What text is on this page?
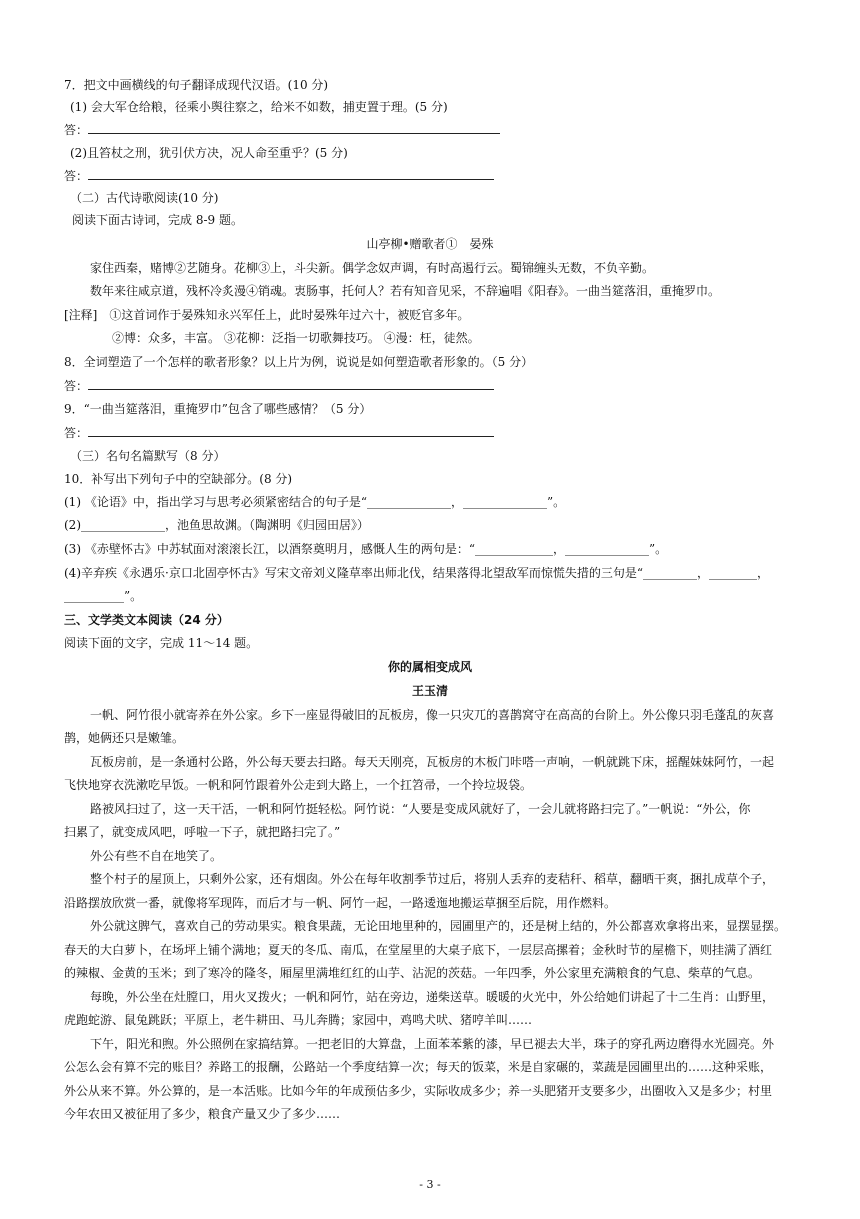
7．把文中画横线的句子翻译成现代汉语。(10 分)
(1) 会大军仓给粮，径乘小舆往察之，给米不如数，捕吏置于理。(5 分)
答：
(2)且笞杖之刑，犹引伏方决，况人命至重乎？(5 分)
答：
（二）古代诗歌阅读(10 分)
阅读下面古诗词，完成 8-9 题。
山亭柳•赠歌者①　晏殊
家住西秦，赌博②艺随身。花柳③上，斗尖新。偶学念奴声调，有时高遏行云。蜀锦缠头无数，不负辛勤。
数年来往咸京道，残杯冷炙漫④销魂。衷肠事，托何人？若有知音见采，不辞遍唱《阳春》。一曲当筵落泪，重掩罗巾。
[注释]　①这首词作于晏殊知永兴军任上，此时晏殊年过六十，被贬官多年。
②博：众多，丰富。 ③花柳：泛指一切歌舞技巧。 ④漫：枉，徒然。
8．全词塑造了一个怎样的歌者形象？以上片为例，说说是如何塑造歌者形象的。（5 分）
答：
9．“一曲当筵落泪，重掩罗巾”包含了哪些感情？（5 分）
答：
（三）名句名篇默写（8 分）
10．补写出下列句子中的空缺部分。(8 分)
(1) 《论语》中，指出学习与思考必须紧密结合的句子是“______________，______________”。
(2)______________，池鱼思故渊。（陶渊明《归园田居》）
(3) 《赤壁怀古》中苏轼面对滚滚长江，以酒祭奠明月，感慨人生的两句是：“_____________，______________”。
(4)辛弃疾《永遇乐·京口北固亭怀古》写宋文帝刘义隆草率出师北伐，结果落得北望敌军而惊慌失措的三句是“_________，________，
__________”。
三、文学类文本阅读（24 分）
阅读下面的文字，完成 11～14 题。
你的属相变成风
王玉清
一帆、阿竹很小就寄养在外公家。乡下一座显得破旧的瓦板房，像一只灾兀的喜鹊窝守在高高的台阶上。外公像只羽毛蓬乱的灰喜
鹊，她俩还只是嫩雏。
瓦板房前，是一条通村公路，外公每天要去扫路。每天天刚亮，瓦板房的木板门咔嗒一声响，一帆就跳下床，摇醒妹妹阿竹，一起
飞快地穿衣洗漱吃早饭。一帆和阿竹跟着外公走到大路上，一个扛笤帚，一个拎垃圾袋。
路被风扫过了，这一天干活，一帆和阿竹挺轻松。阿竹说：“人要是变成风就好了，一会儿就将路扫完了。”一帆说：“外公，你
扫累了，就变成风吧，呼啦一下子，就把路扫完了。”
外公有些不自在地笑了。
整个村子的屋顶上，只剩外公家，还有烟囱。外公在每年收割季节过后，将别人丢弃的麦秸秆、稻草，翻晒干爽，捆扎成草个子，
沿路摆放欣赏一番，就像将军现阵，而后才与一帆、阿竹一起，一路逶迤地搬运草捆至后院，用作燃料。
外公就这脾气，喜欢自己的劳动果实。粮食果蔬，无论田地里种的，园圃里产的，还是树上结的，外公都喜欢拿将出来，显摆显摆。
春天的大白萝卜，在场坪上铺个满地；夏天的冬瓜、南瓜，在堂屋里的大桌子底下，一层层高摞着；金秋时节的屋檐下，则挂满了酒红
的辣椒、金黄的玉米；到了寒冷的隆冬，厢屋里满堆红红的山芋、沾泥的茨菇。一年四季，外公家里充满粮食的气息、柴草的气息。
每晚，外公坐在灶膛口，用火叉拨火；一帆和阿竹，站在旁边，递柴送草。暖暖的火光中，外公给她们讲起了十二生肖：山野里，
虎跑蛇游、鼠兔跳跃；平原上，老牛耕田、马儿奔腾；家园中，鸡鸣犬吠、猪哼羊叫……
下午，阳光和煦。外公照例在家搞结算。一把老旧的大算盘，上面苯苯紫的漆，早已褪去大半，珠子的穿孔两边磨得水光圆亮。外
公怎么会有算不完的账目？养路工的报酬，公路站一个季度结算一次；每天的饭菜，米是自家碾的，菜蔬是园圃里出的……这种采账，
外公从来不算。外公算的，是一本活账。比如今年的年成预估多少，实际收成多少；养一头肥猪开支要多少，出圈收入又是多少；村里
今年农田又被征用了多少，粮食产量又少了多少……
- 3 -
